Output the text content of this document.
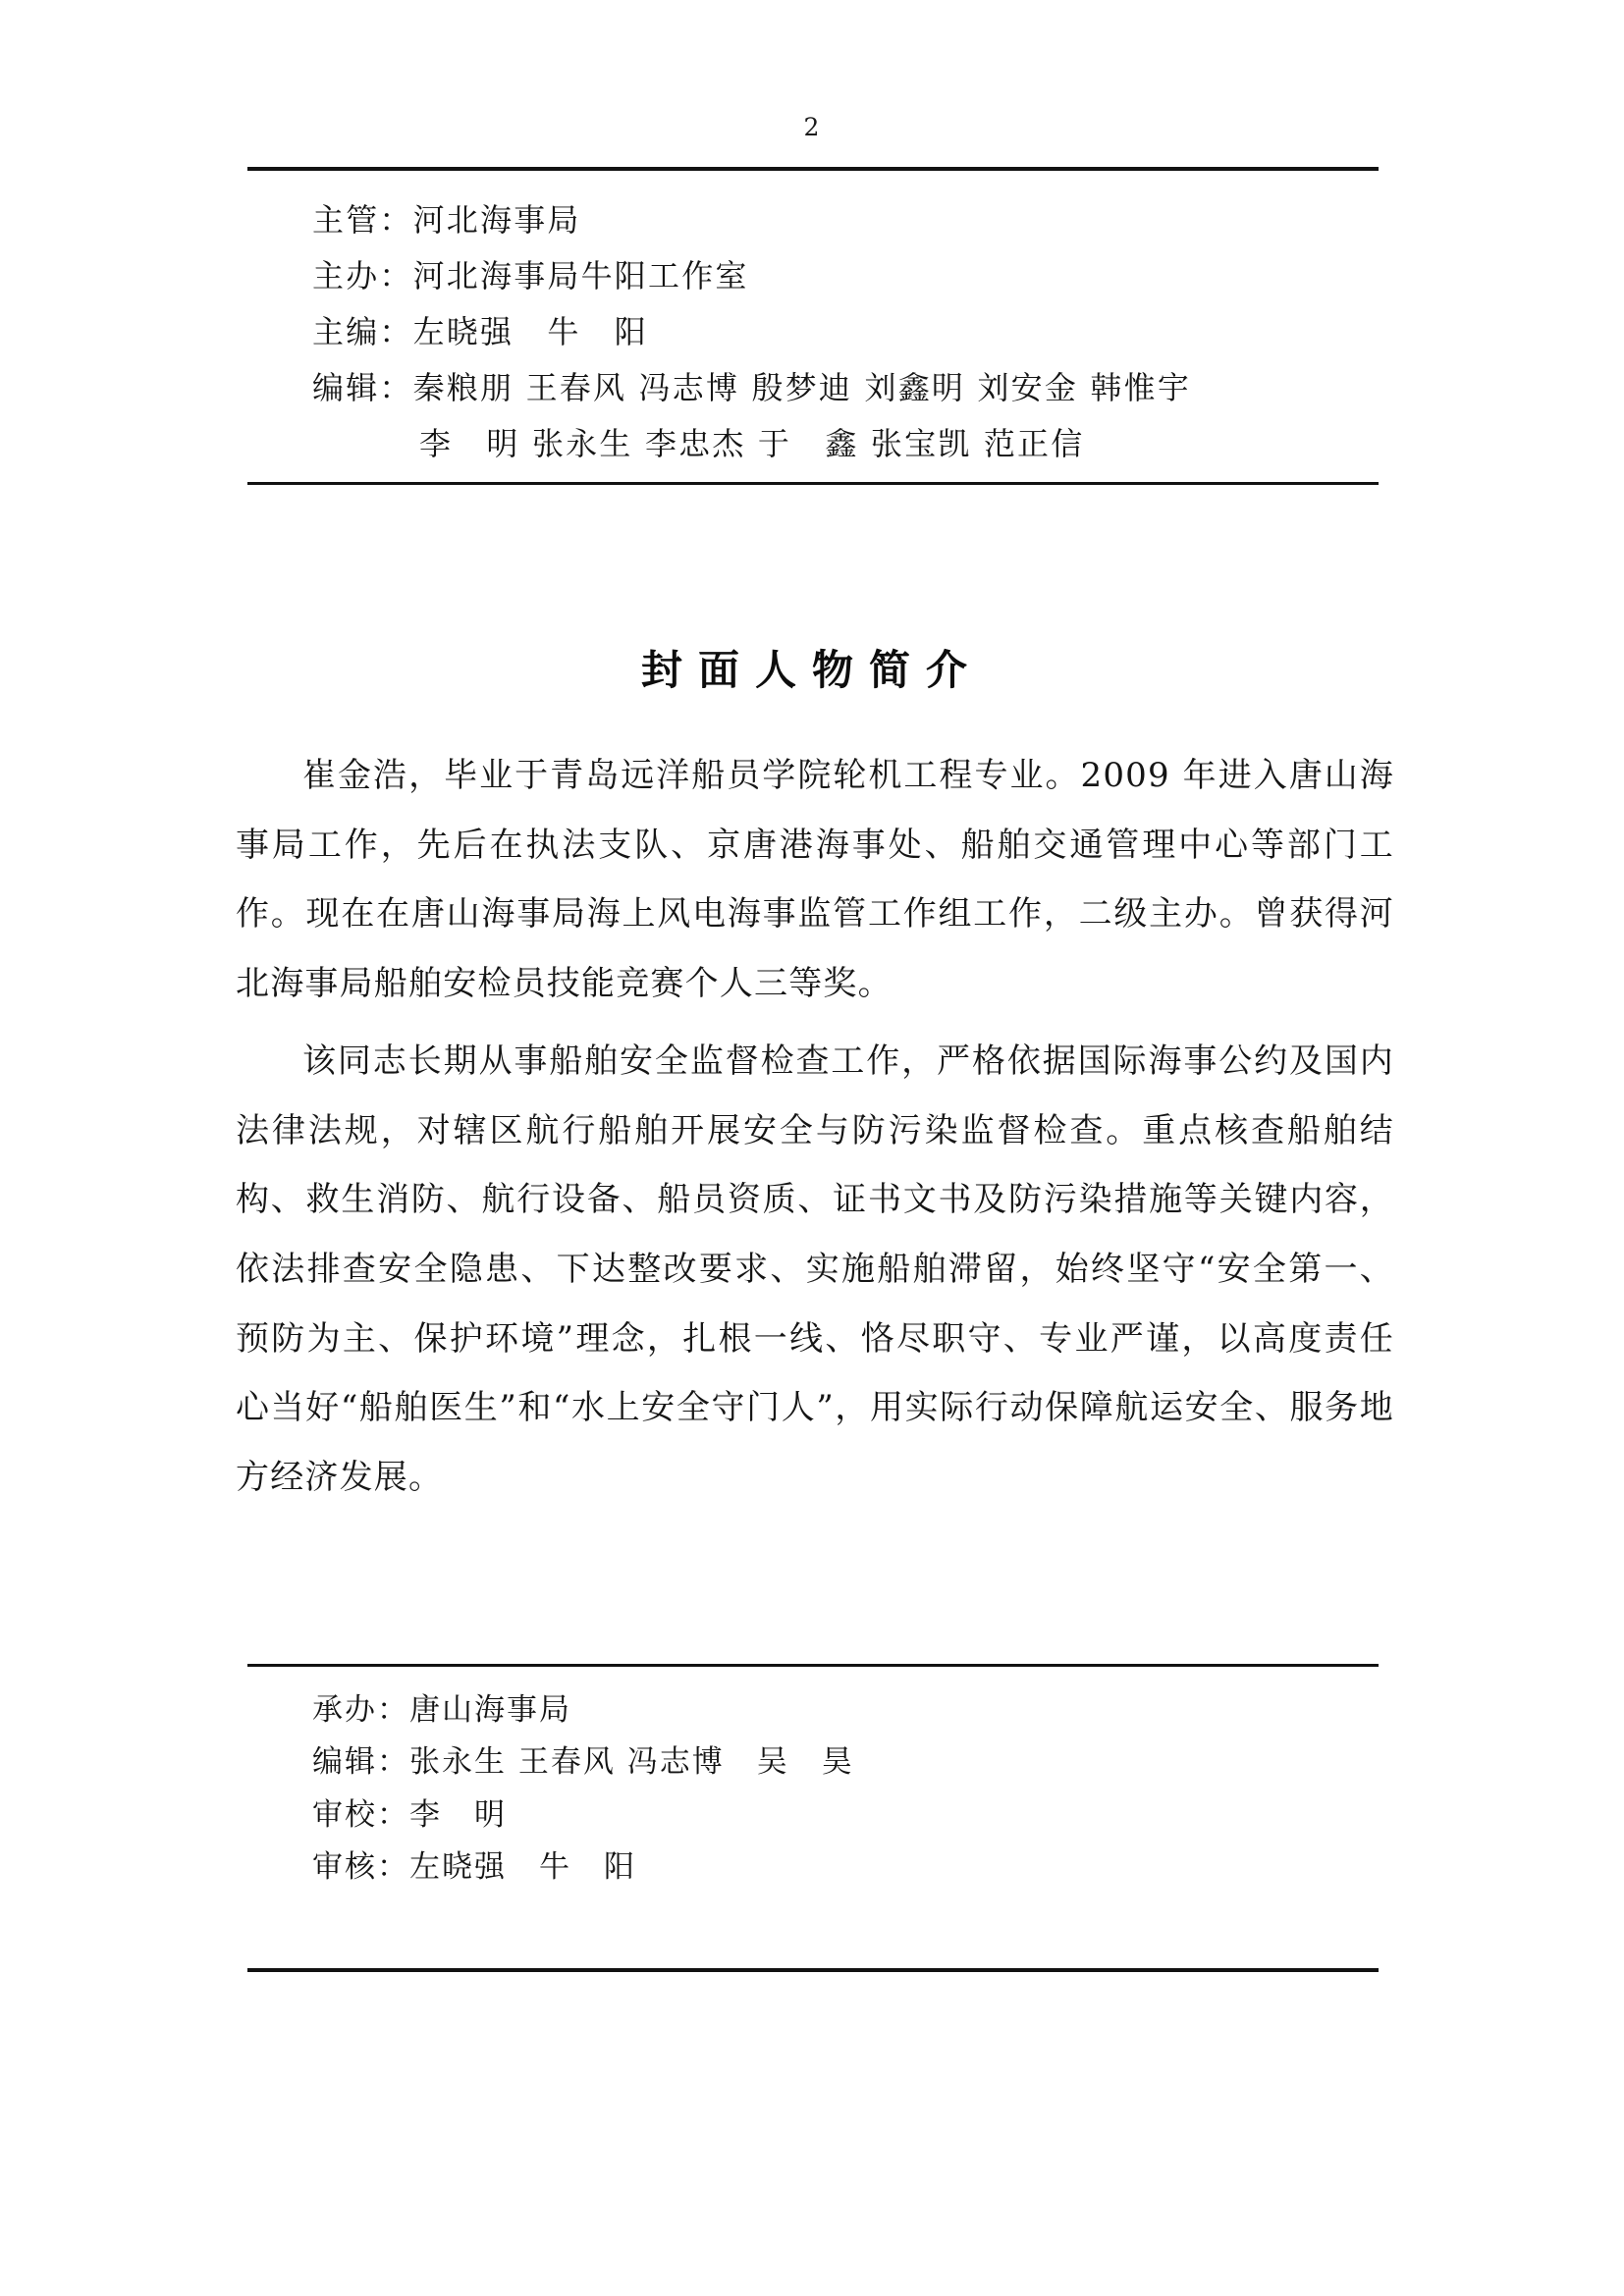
2
主管：河北海事局
主办：河北海事局牛阳工作室
主编：左晓强　牛　阳
编辑：秦粮朋 王春风 冯志博 殷梦迪 刘鑫明 刘安金 韩惟宇
李　明 张永生 李忠杰 于　鑫 张宝凯 范正信
封面人物简介

崔金浩，毕业于青岛远洋船员学院轮机工程专业。2009 年进入唐山海事局工作，先后在执法支队、京唐港海事处、船舶交通管理中心等部门工作。现在在唐山海事局海上风电海事监管工作组工作，二级主办。曾获得河北海事局船舶安检员技能竞赛个人三等奖。

该同志长期从事船舶安全监督检查工作，严格依据国际海事公约及国内法律法规，对辖区航行船舶开展安全与防污染监督检查。重点核查船舶结构、救生消防、航行设备、船员资质、证书文书及防污染措施等关键内容，依法排查安全隐患、下达整改要求、实施船舶滞留，始终坚守“安全第一、预防为主、保护环境”理念，扎根一线、恪尽职守、专业严谨，以高度责任心当好“船舶医生”和“水上安全守门人”，用实际行动保障航运安全、服务地方经济发展。

承办：唐山海事局
编辑：张永生 王春风 冯志博　吴　昊
审校：李　明
审核：左晓强　牛　阳
